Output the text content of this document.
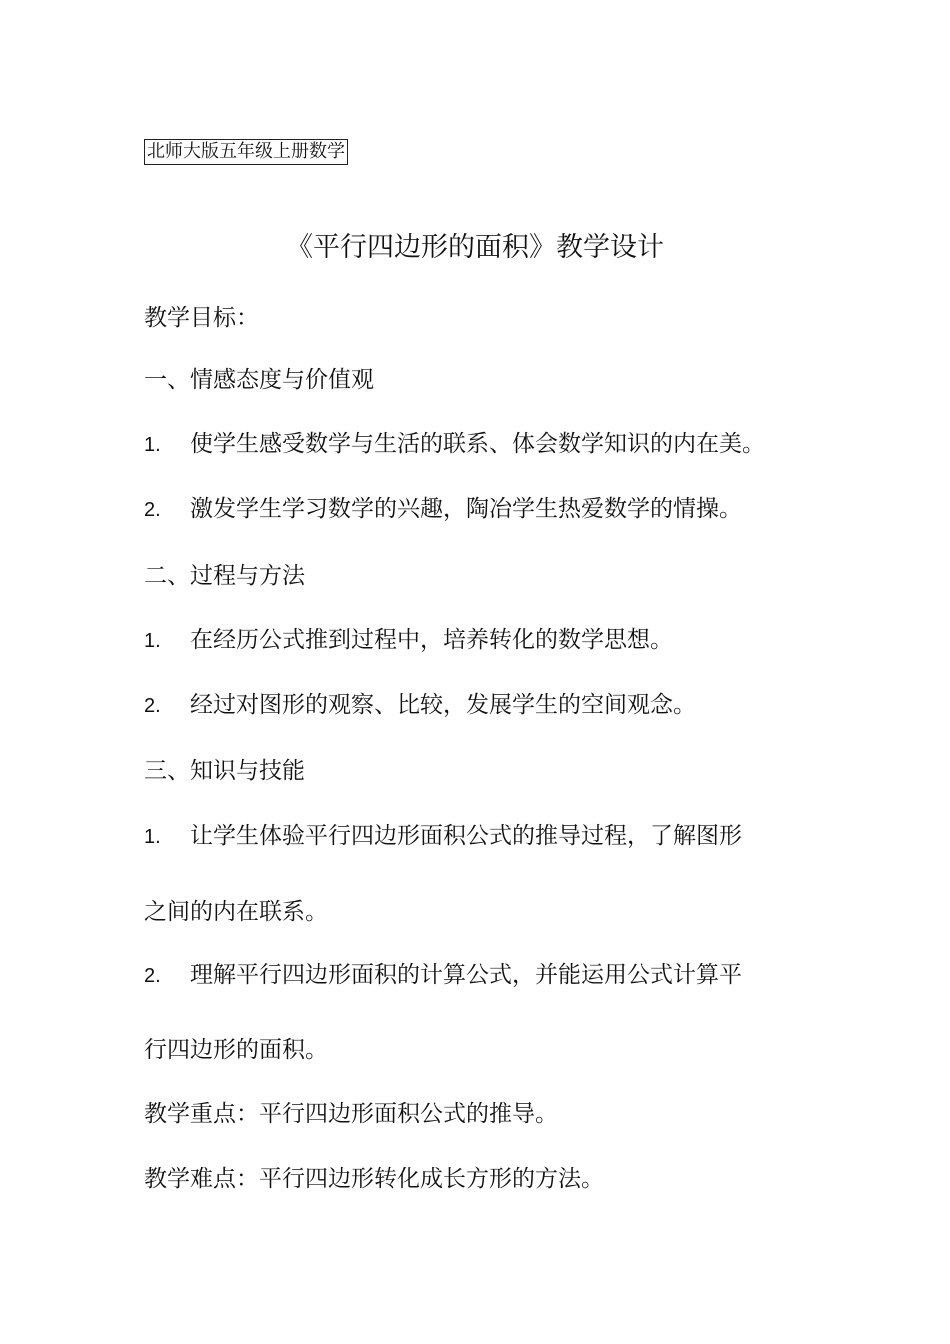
北师大版五年级上册数学
《平行四边形的面积》教学设计
教学目标：
一、情感态度与价值观
1. 使学生感受数学与生活的联系、体会数学知识的内在美。
2. 激发学生学习数学的兴趣，陶冶学生热爱数学的情操。
二、过程与方法
1. 在经历公式推到过程中，培养转化的数学思想。
2. 经过对图形的观察、比较，发展学生的空间观念。
三、知识与技能
1. 让学生体验平行四边形面积公式的推导过程，了解图形
之间的内在联系。
2. 理解平行四边形面积的计算公式，并能运用公式计算平
行四边形的面积。
教学重点：平行四边形面积公式的推导。
教学难点：平行四边形转化成长方形的方法。
